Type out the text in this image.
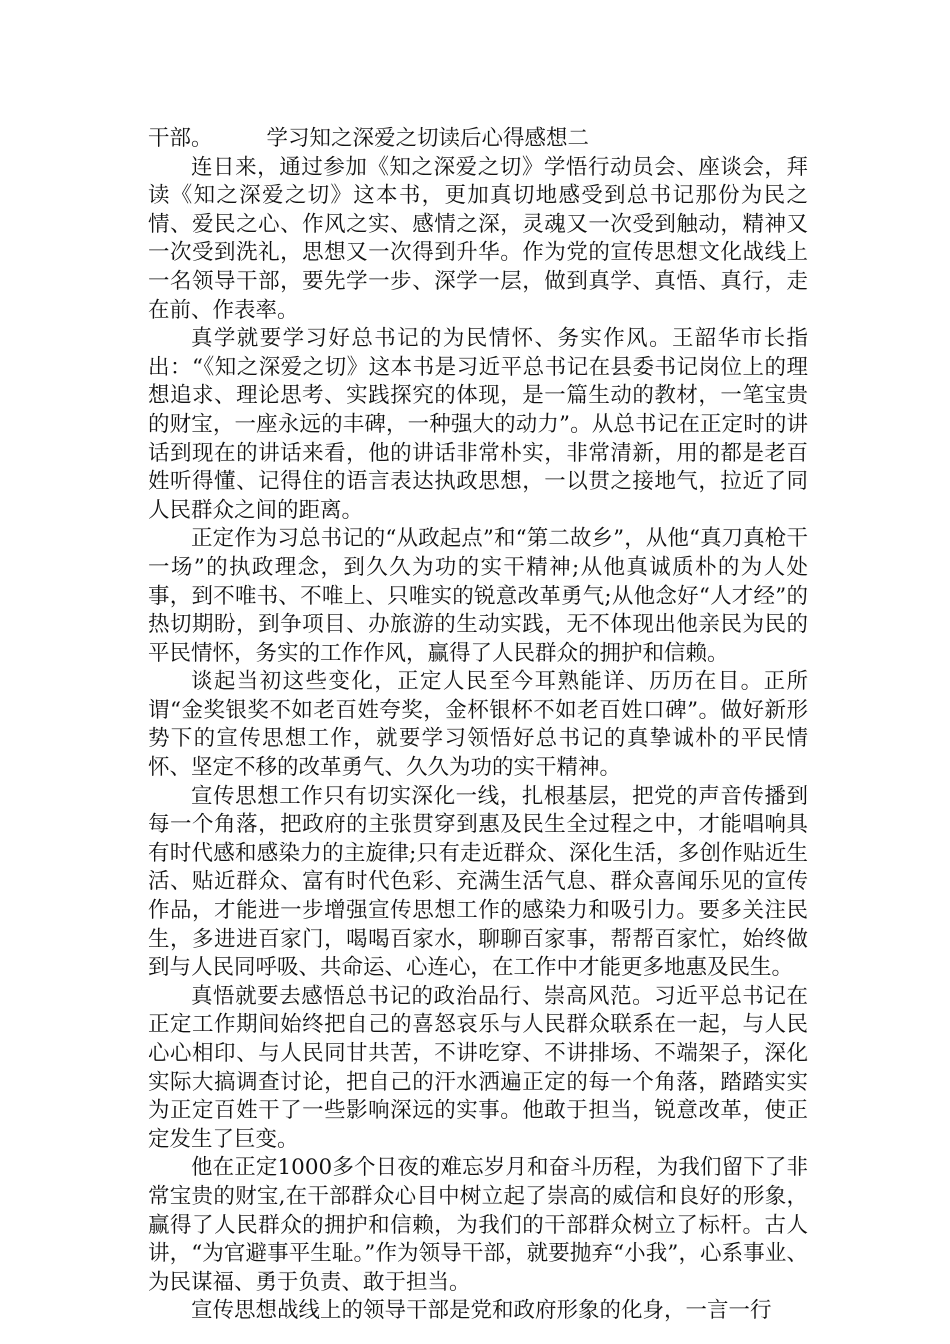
干部。	学习知之深爱之切读后心得感想二

连日来，通过参加《知之深爱之切》学悟行动员会、座谈会，拜读《知之深爱之切》这本书，更加真切地感受到总书记那份为民之情、爱民之心、作风之实、感情之深，灵魂又一次受到触动，精神又一次受到洗礼，思想又一次得到升华。作为党的宣传思想文化战线上一名领导干部，要先学一步、深学一层，做到真学、真悟、真行，走在前、作表率。

真学就要学习好总书记的为民情怀、务实作风。王韶华市长指出：“《知之深爱之切》这本书是习近平总书记在县委书记岗位上的理想追求、理论思考、实践探究的体现，是一篇生动的教材，一笔宝贵的财宝，一座永远的丰碑，一种强大的动力”。从总书记在正定时的讲话到现在的讲话来看，他的讲话非常朴实，非常清新，用的都是老百姓听得懂、记得住的语言表达执政思想，一以贯之接地气，拉近了同人民群众之间的距离。

正定作为习总书记的“从政起点”和“第二故乡”，从他“真刀真枪干一场”的执政理念，到久久为功的实干精神;从他真诚质朴的为人处事，到不唯书、不唯上、只唯实的锐意改革勇气;从他念好“人才经”的热切期盼，到争项目、办旅游的生动实践，无不体现出他亲民为民的平民情怀，务实的工作作风，赢得了人民群众的拥护和信赖。

谈起当初这些变化，正定人民至今耳熟能详、历历在目。正所谓“金奖银奖不如老百姓夸奖，金杯银杯不如老百姓口碑”。做好新形势下的宣传思想工作，就要学习领悟好总书记的真挚诚朴的平民情怀、坚定不移的改革勇气、久久为功的实干精神。

宣传思想工作只有切实深化一线，扎根基层，把党的声音传播到每一个角落，把政府的主张贯穿到惠及民生全过程之中，才能唱响具有时代感和感染力的主旋律;只有走近群众、深化生活，多创作贴近生活、贴近群众、富有时代色彩、充满生活气息、群众喜闻乐见的宣传作品，才能进一步增强宣传思想工作的感染力和吸引力。要多关注民生，多进进百家门，喝喝百家水，聊聊百家事，帮帮百家忙，始终做到与人民同呼吸、共命运、心连心，在工作中才能更多地惠及民生。

真悟就要去感悟总书记的政治品行、崇高风范。习近平总书记在正定工作期间始终把自己的喜怒哀乐与人民群众联系在一起，与人民心心相印、与人民同甘共苦，不讲吃穿、不讲排场、不端架子，深化实际大搞调查讨论，把自己的汗水洒遍正定的每一个角落，踏踏实实为正定百姓干了一些影响深远的实事。他敢于担当，锐意改革，使正定发生了巨变。

他在正定1000多个日夜的难忘岁月和奋斗历程，为我们留下了非常宝贵的财宝,在干部群众心目中树立起了崇高的威信和良好的形象，赢得了人民群众的拥护和信赖，为我们的干部群众树立了标杆。古人讲，“为官避事平生耻。”作为领导干部，就要抛弃“小我”，心系事业、为民谋福、勇于负责、敢于担当。

宣传思想战线上的领导干部是党和政府形象的化身，一言一行
